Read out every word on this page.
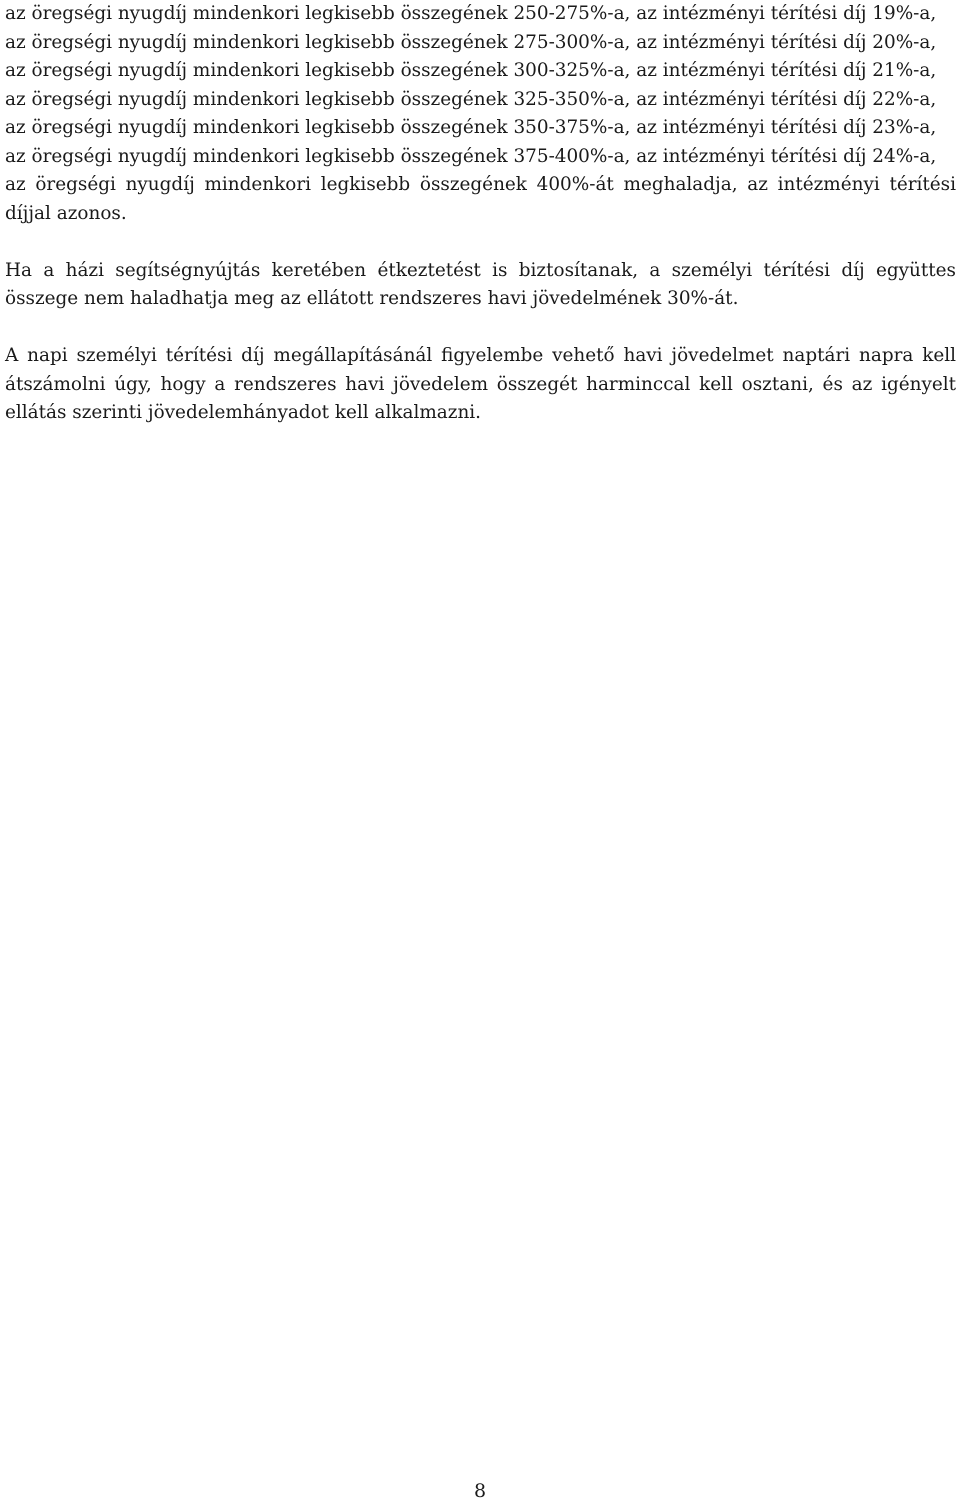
az öregségi nyugdíj mindenkori legkisebb összegének 250-275%-a, az intézményi térítési díj 19%-a,

az öregségi nyugdíj mindenkori legkisebb összegének 275-300%-a, az intézményi térítési díj 20%-a,

az öregségi nyugdíj mindenkori legkisebb összegének 300-325%-a, az intézményi térítési díj 21%-a,

az öregségi nyugdíj mindenkori legkisebb összegének 325-350%-a, az intézményi térítési díj 22%-a,

az öregségi nyugdíj mindenkori legkisebb összegének 350-375%-a, az intézményi térítési díj 23%-a,

az öregségi nyugdíj mindenkori legkisebb összegének 375-400%-a, az intézményi térítési díj 24%-a,

az öregségi nyugdíj mindenkori legkisebb összegének 400%-át meghaladja, az intézményi térítési díjjal azonos.

Ha a házi segítségnyújtás keretében étkeztetést is biztosítanak, a személyi térítési díj együttes összege nem haladhatja meg az ellátott rendszeres havi jövedelmének 30%-át.

A napi személyi térítési díj megállapításánál figyelembe vehető havi jövedelmet naptári napra kell átszámolni úgy, hogy a rendszeres havi jövedelem összegét harminccal kell osztani, és az igényelt ellátás szerinti jövedelemhányadot kell alkalmazni.

8
